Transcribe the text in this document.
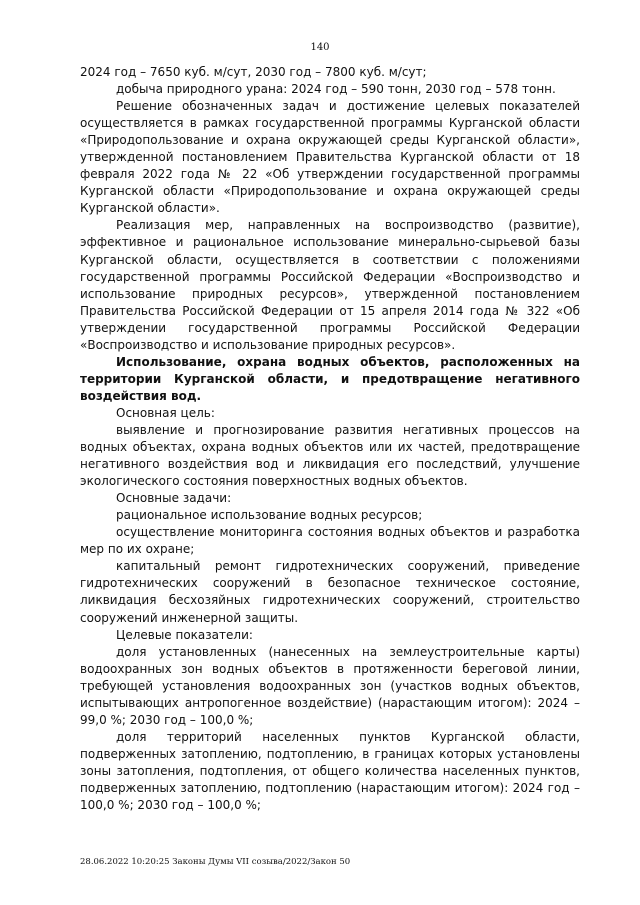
140

2024 год – 7650 куб. м/сут, 2030 год – 7800 куб. м/сут;

добыча природного урана: 2024 год – 590 тонн, 2030 год – 578 тонн.

Решение обозначенных задач и достижение целевых показателей осуществляется в рамках государственной программы Курганской области «Природопользование и охрана окружающей среды Курганской области», утвержденной постановлением Правительства Курганской области от 18 февраля 2022 года № 22 «Об утверждении государственной программы Курганской области «Природопользование и охрана окружающей среды Курганской области».

Реализация мер, направленных на воспроизводство (развитие), эффективное и рациональное использование минерально-сырьевой базы Курганской области, осуществляется в соответствии с положениями государственной программы Российской Федерации «Воспроизводство и использование природных ресурсов», утвержденной постановлением Правительства Российской Федерации от 15 апреля 2014 года № 322 «Об утверждении государственной программы Российской Федерации «Воспроизводство и использование природных ресурсов».

Использование, охрана водных объектов, расположенных на территории Курганской области, и предотвращение негативного воздействия вод.

Основная цель:

выявление и прогнозирование развития негативных процессов на водных объектах, охрана водных объектов или их частей, предотвращение негативного воздействия вод и ликвидация его последствий, улучшение экологического состояния поверхностных водных объектов.

Основные задачи:

рациональное использование водных ресурсов;

осуществление мониторинга состояния водных объектов и разработка мер по их охране;

капитальный ремонт гидротехнических сооружений, приведение гидротехнических сооружений в безопасное техническое состояние, ликвидация бесхозяйных гидротехнических сооружений, строительство сооружений инженерной защиты.

Целевые показатели:

доля установленных (нанесенных на землеустроительные карты) водоохранных зон водных объектов в протяженности береговой линии, требующей установления водоохранных зон (участков водных объектов, испытывающих антропогенное воздействие) (нарастающим итогом): 2024 – 99,0 %; 2030 год – 100,0 %;

доля территорий населенных пунктов Курганской области, подверженных затоплению, подтоплению, в границах которых установлены зоны затопления, подтопления, от общего количества населенных пунктов, подверженных затоплению, подтоплению (нарастающим итогом): 2024 год – 100,0 %; 2030 год – 100,0 %;

28.06.2022 10:20:25 Законы Думы VII созыва/2022/Закон 50
